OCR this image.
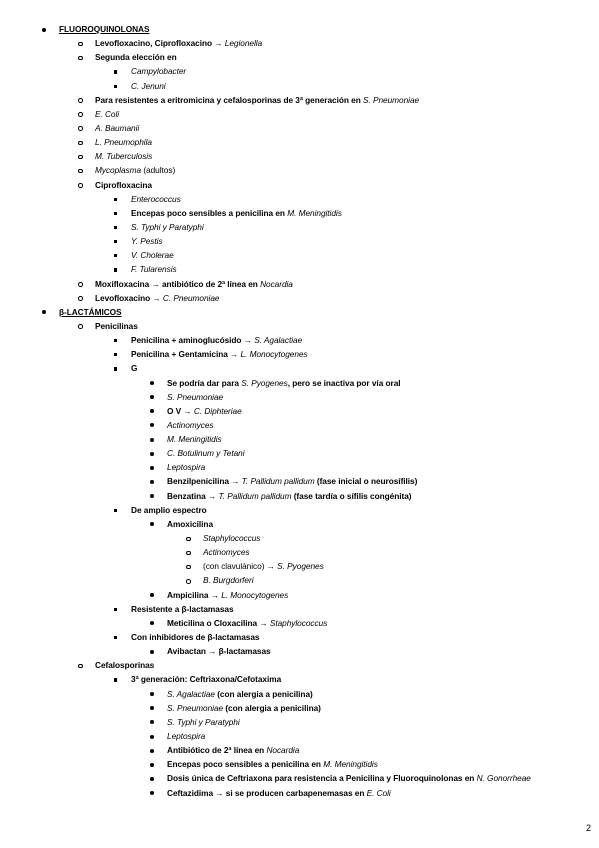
FLUOROQUINOLONAS
Levofloxacino, Ciprofloxacino → Legionella
Segunda elección en
Campylobacter
C. Jenuni
Para resistentes a eritromicina y cefalosporinas de 3ª generación en S. Pneumoniae
E. Coli
A. Baumanii
L. Pneumophila
M. Tuberculosis
Mycoplasma (adultos)
Ciprofloxacina
Enterococcus
Encepas poco sensibles a penicilina en M. Meningitidis
S. Typhi y Paratyphi
Y. Pestis
V. Cholerae
F. Tularensis
Moxifloxacina → antibiótico de 2ª línea en Nocardia
Levofloxacino → C. Pneumoniae
β-LACTÁMICOS
Penicilinas
Penicilina + aminoglucósido → S. Agalactiae
Penicilina + Gentamicina → L. Monocytogenes
G
Se podría dar para S. Pyogenes, pero se inactiva por vía oral
S. Pneumoniae
O V → C. Diphteriae
Actinomyces
M. Meningitidis
C. Botulinum y Tetani
Leptospira
Benzilpenicilina → T. Pallidum pallidum (fase inicial o neurosífilis)
Benzatina → T. Pallidum pallidum (fase tardía o sífilis congénita)
De amplio espectro
Amoxicilina
Staphylococcus
Actinomyces
(con clavulánico) → S. Pyogenes
B. Burgdorferi
Ampicilina → L. Monocytogenes
Resistente a β-lactamasas
Meticilina o Cloxacilina → Staphylococcus
Con inhibidores de β-lactamasas
Avibactan → β-lactamasas
Cefalosporinas
3ª generación: Ceftriaxona/Cefotaxima
S. Agalactiae (con alergia a penicilina)
S. Pneumoniae (con alergia a penicilina)
S. Typhi y Paratyphi
Leptospira
Antibiótico de 2ª línea en Nocardia
Encepas poco sensibles a penicilina en M. Meningitidis
Dosis única de Ceftriaxona para resistencia a Penicilina y Fluoroquinolonas en N. Gonorrheae
Ceftazidima → si se producen carbapenemasas en E. Coli
2
